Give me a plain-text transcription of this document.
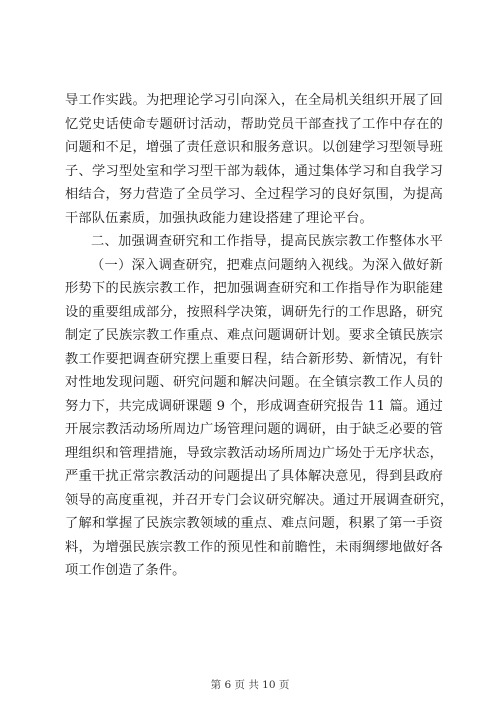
导工作实践。为把理论学习引向深入，在全局机关组织开展了回
忆党史话使命专题研讨活动，帮助党员干部查找了工作中存在的
问题和不足，增强了责任意识和服务意识。以创建学习型领导班
子、学习型处室和学习型干部为载体，通过集体学习和自我学习
相结合，努力营造了全员学习、全过程学习的良好氛围，为提高
干部队伍素质，加强执政能力建设搭建了理论平台。
二、加强调查研究和工作指导，提高民族宗教工作整体水平
（一）深入调查研究，把难点问题纳入视线。为深入做好新
形势下的民族宗教工作，把加强调查研究和工作指导作为职能建
设的重要组成部分，按照科学决策，调研先行的工作思路，研究
制定了民族宗教工作重点、难点问题调研计划。要求全镇民族宗
教工作要把调查研究摆上重要日程，结合新形势、新情况，有针
对性地发现问题、研究问题和解决问题。在全镇宗教工作人员的
努力下，共完成调研课题 9 个，形成调查研究报告 11 篇。通过
开展宗教活动场所周边广场管理问题的调研，由于缺乏必要的管
理组织和管理措施，导致宗教活动场所周边广场处于无序状态，
严重干扰正常宗教活动的问题提出了具体解决意见，得到县政府
领导的高度重视，并召开专门会议研究解决。通过开展调查研究，
了解和掌握了民族宗教领域的重点、难点问题，积累了第一手资
料，为增强民族宗教工作的预见性和前瞻性，未雨绸缪地做好各
项工作创造了条件。
第 6 页 共 10 页
